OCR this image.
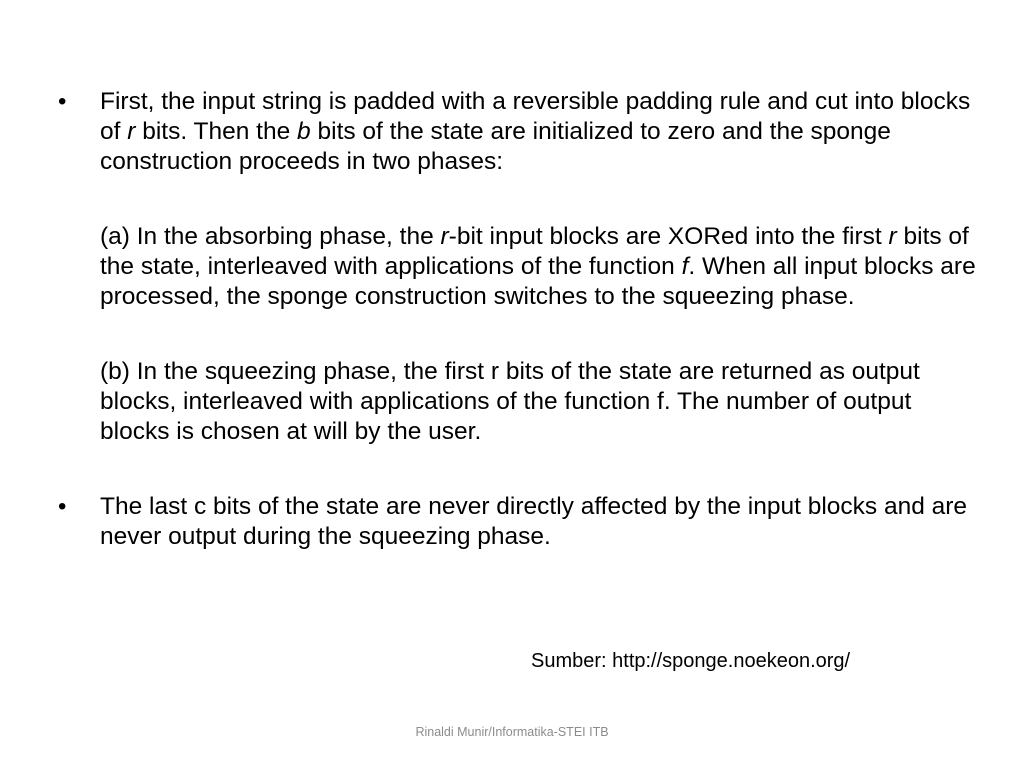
•	First, the input string is padded with a reversible padding rule and cut into blocks of r bits. Then the b bits of the state are initialized to zero and the sponge construction proceeds in two phases:
(a) In the absorbing phase, the r-bit input blocks are XORed into the first r bits of the state, interleaved with applications of the function f. When all input blocks are processed, the sponge construction switches to the squeezing phase.
(b) In the squeezing phase, the first r bits of the state are returned as output blocks, interleaved with applications of the function f. The number of output blocks is chosen at will by the user.
•	The last c bits of the state are never directly affected by the input blocks and are never output during the squeezing phase.
Sumber: http://sponge.noekeon.org/
Rinaldi Munir/Informatika-STEI ITB
